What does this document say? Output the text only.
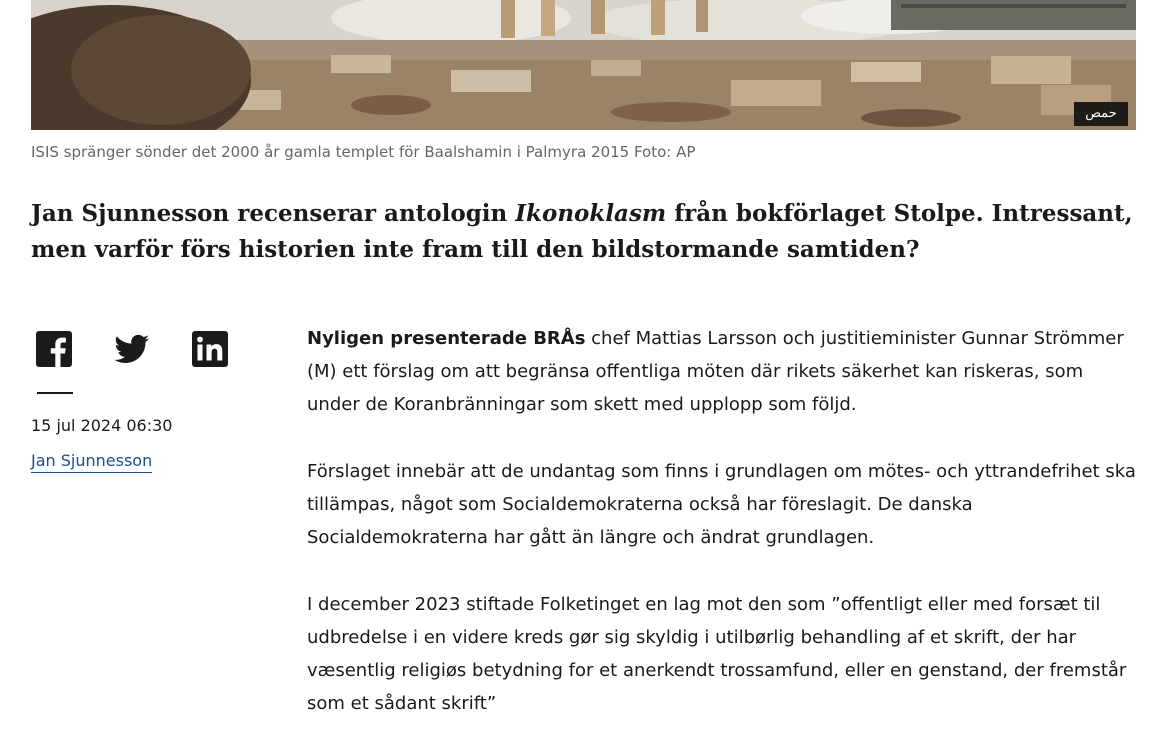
حمص
ISIS spränger sönder det 2000 år gamla templet för Baalshamin i Palmyra 2015 Foto: AP
Jan Sjunnesson recenserar antologin Ikonoklasm från bokförlaget Stolpe. Intressant, men varför förs historien inte fram till den bildstormande samtiden?
15 jul 2024 06:30
Jan Sjunnesson

Nyligen presenterade BRÅs chef Mattias Larsson och justitieminister Gunnar Strömmer (M) ett förslag om att begränsa offentliga möten där rikets säkerhet kan riskeras, som under de Koranbränningar som skett med upplopp som följd.

Förslaget innebär att de undantag som finns i grundlagen om mötes- och yttrandefrihet ska tillämpas, något som Socialdemokraterna också har föreslagit. De danska Socialdemokraterna har gått än längre och ändrat grundlagen.

I december 2023 stiftade Folketinget en lag mot den som ”offentligt eller med forsæt til udbredelse i en videre kreds gør sig skyldig i utilbørlig behandling af et skrift, der har væsentlig religiøs betydning for et anerkendt trossamfund, eller en genstand, der fremstår som et sådant skrift”
